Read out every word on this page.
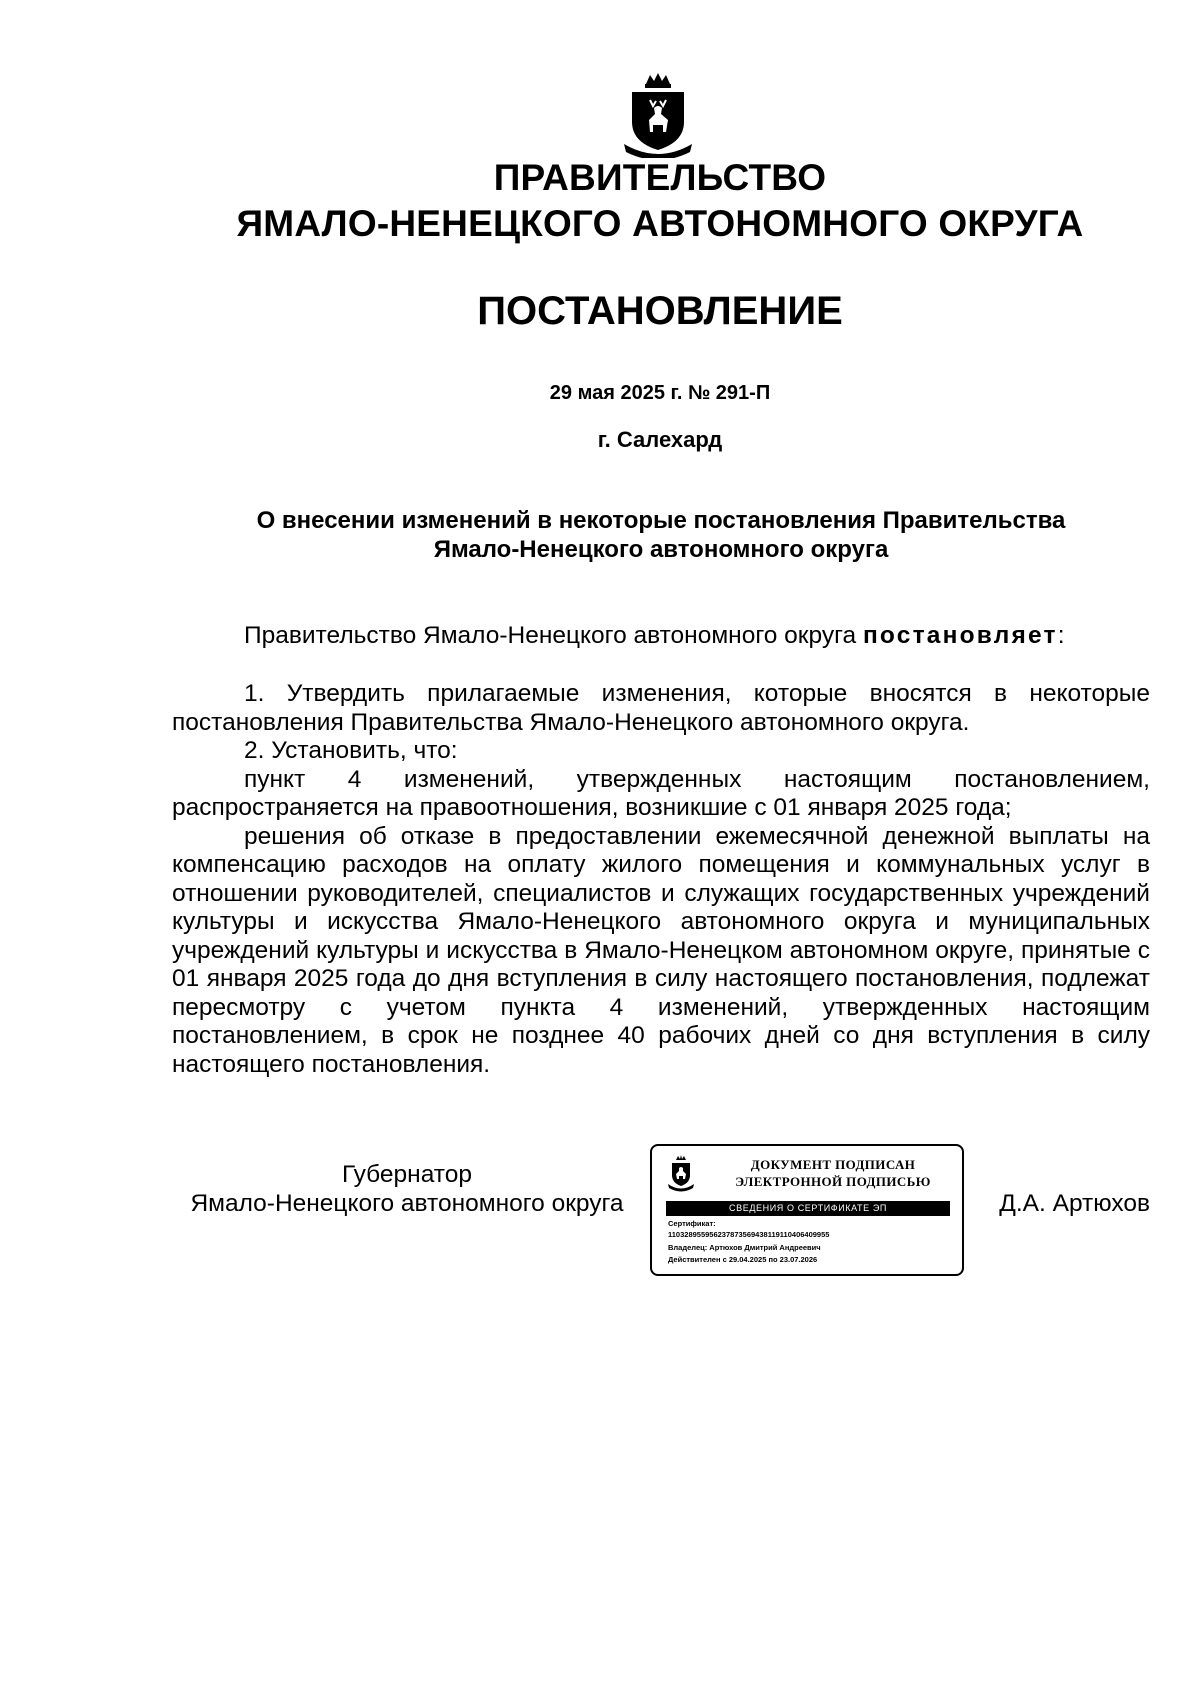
ПРАВИТЕЛЬСТВО
ЯМАЛО-НЕНЕЦКОГО АВТОНОМНОГО ОКРУГА
ПОСТАНОВЛЕНИЕ
29 мая 2025 г. № 291-П
г. Салехард
О внесении изменений в некоторые постановления Правительства
Ямало-Ненецкого автономного округа
Правительство Ямало-Ненецкого автономного округа постановляет:

1. Утвердить прилагаемые изменения, которые вносятся в некоторые постановления Правительства Ямало-Ненецкого автономного округа.

2. Установить, что:

пункт 4 изменений, утвержденных настоящим постановлением, распространяется на правоотношения, возникшие с 01 января 2025 года;

решения об отказе в предоставлении ежемесячной денежной выплаты на компенсацию расходов на оплату жилого помещения и коммунальных услуг в отношении руководителей, специалистов и служащих государственных учреждений культуры и искусства Ямало-Ненецкого автономного округа и муниципальных учреждений культуры и искусства в Ямало-Ненецком автономном округе, принятые с 01 января 2025 года до дня вступления в силу настоящего постановления, подлежат пересмотру с учетом пункта 4 изменений, утвержденных настоящим постановлением, в срок не позднее 40 рабочих дней со дня вступления в силу настоящего постановления.

Губернатор
Ямало-Ненецкого автономного округа
ДОКУМЕНТ ПОДПИСАН
ЭЛЕКТРОННОЙ ПОДПИСЬЮ
СВЕДЕНИЯ О СЕРТИФИКАТЕ ЭП
Сертификат:
110328955956237873569438119110406409955
Владелец: Артюхов Дмитрий Андреевич
Действителен с 29.04.2025 по 23.07.2026
Д.А. Артюхов
